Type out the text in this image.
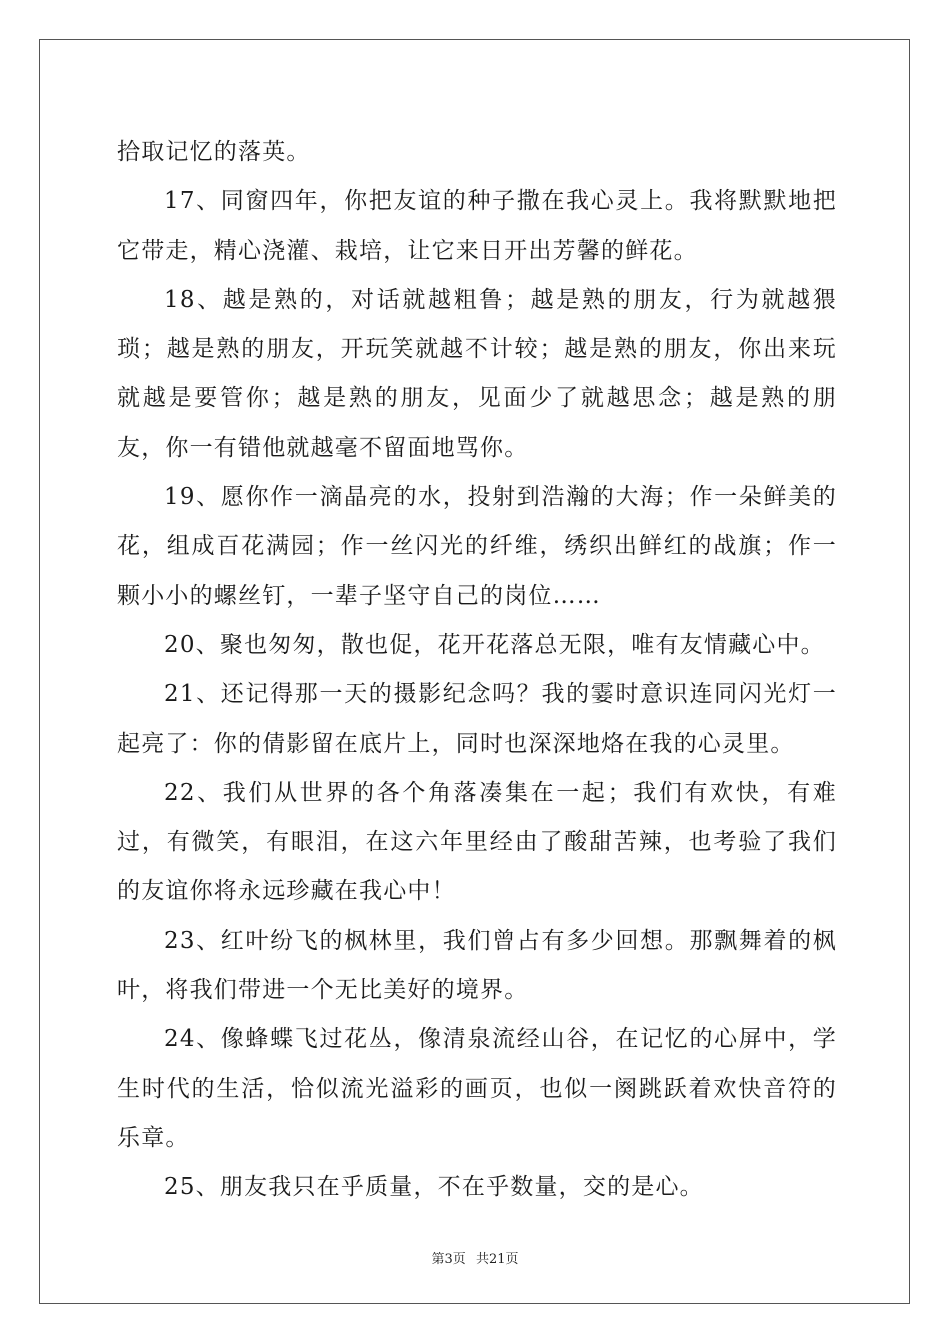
拾取记忆的落英。

17、同窗四年，你把友谊的种子撒在我心灵上。我将默默地把它带走，精心浇灌、栽培，让它来日开出芳馨的鲜花。

18、越是熟的，对话就越粗鲁；越是熟的朋友，行为就越猥琐；越是熟的朋友，开玩笑就越不计较；越是熟的朋友，你出来玩就越是要管你；越是熟的朋友，见面少了就越思念；越是熟的朋友，你一有错他就越毫不留面地骂你。

19、愿你作一滴晶亮的水，投射到浩瀚的大海；作一朵鲜美的花，组成百花满园；作一丝闪光的纤维，绣织出鲜红的战旗；作一颗小小的螺丝钉，一辈子坚守自己的岗位……

20、聚也匆匆，散也促，花开花落总无限，唯有友情藏心中。

21、还记得那一天的摄影纪念吗？我的霎时意识连同闪光灯一起亮了：你的倩影留在底片上，同时也深深地烙在我的心灵里。

22、我们从世界的各个角落凑集在一起；我们有欢快，有难过，有微笑，有眼泪，在这六年里经由了酸甜苦辣，也考验了我们的友谊你将永远珍藏在我心中！

23、红叶纷飞的枫林里，我们曾占有多少回想。那飘舞着的枫叶，将我们带进一个无比美好的境界。

24、像蜂蝶飞过花丛，像清泉流经山谷，在记忆的心屏中，学生时代的生活，恰似流光溢彩的画页，也似一阕跳跃着欢快音符的乐章。

25、朋友我只在乎质量，不在乎数量，交的是心。

第3页 共21页
